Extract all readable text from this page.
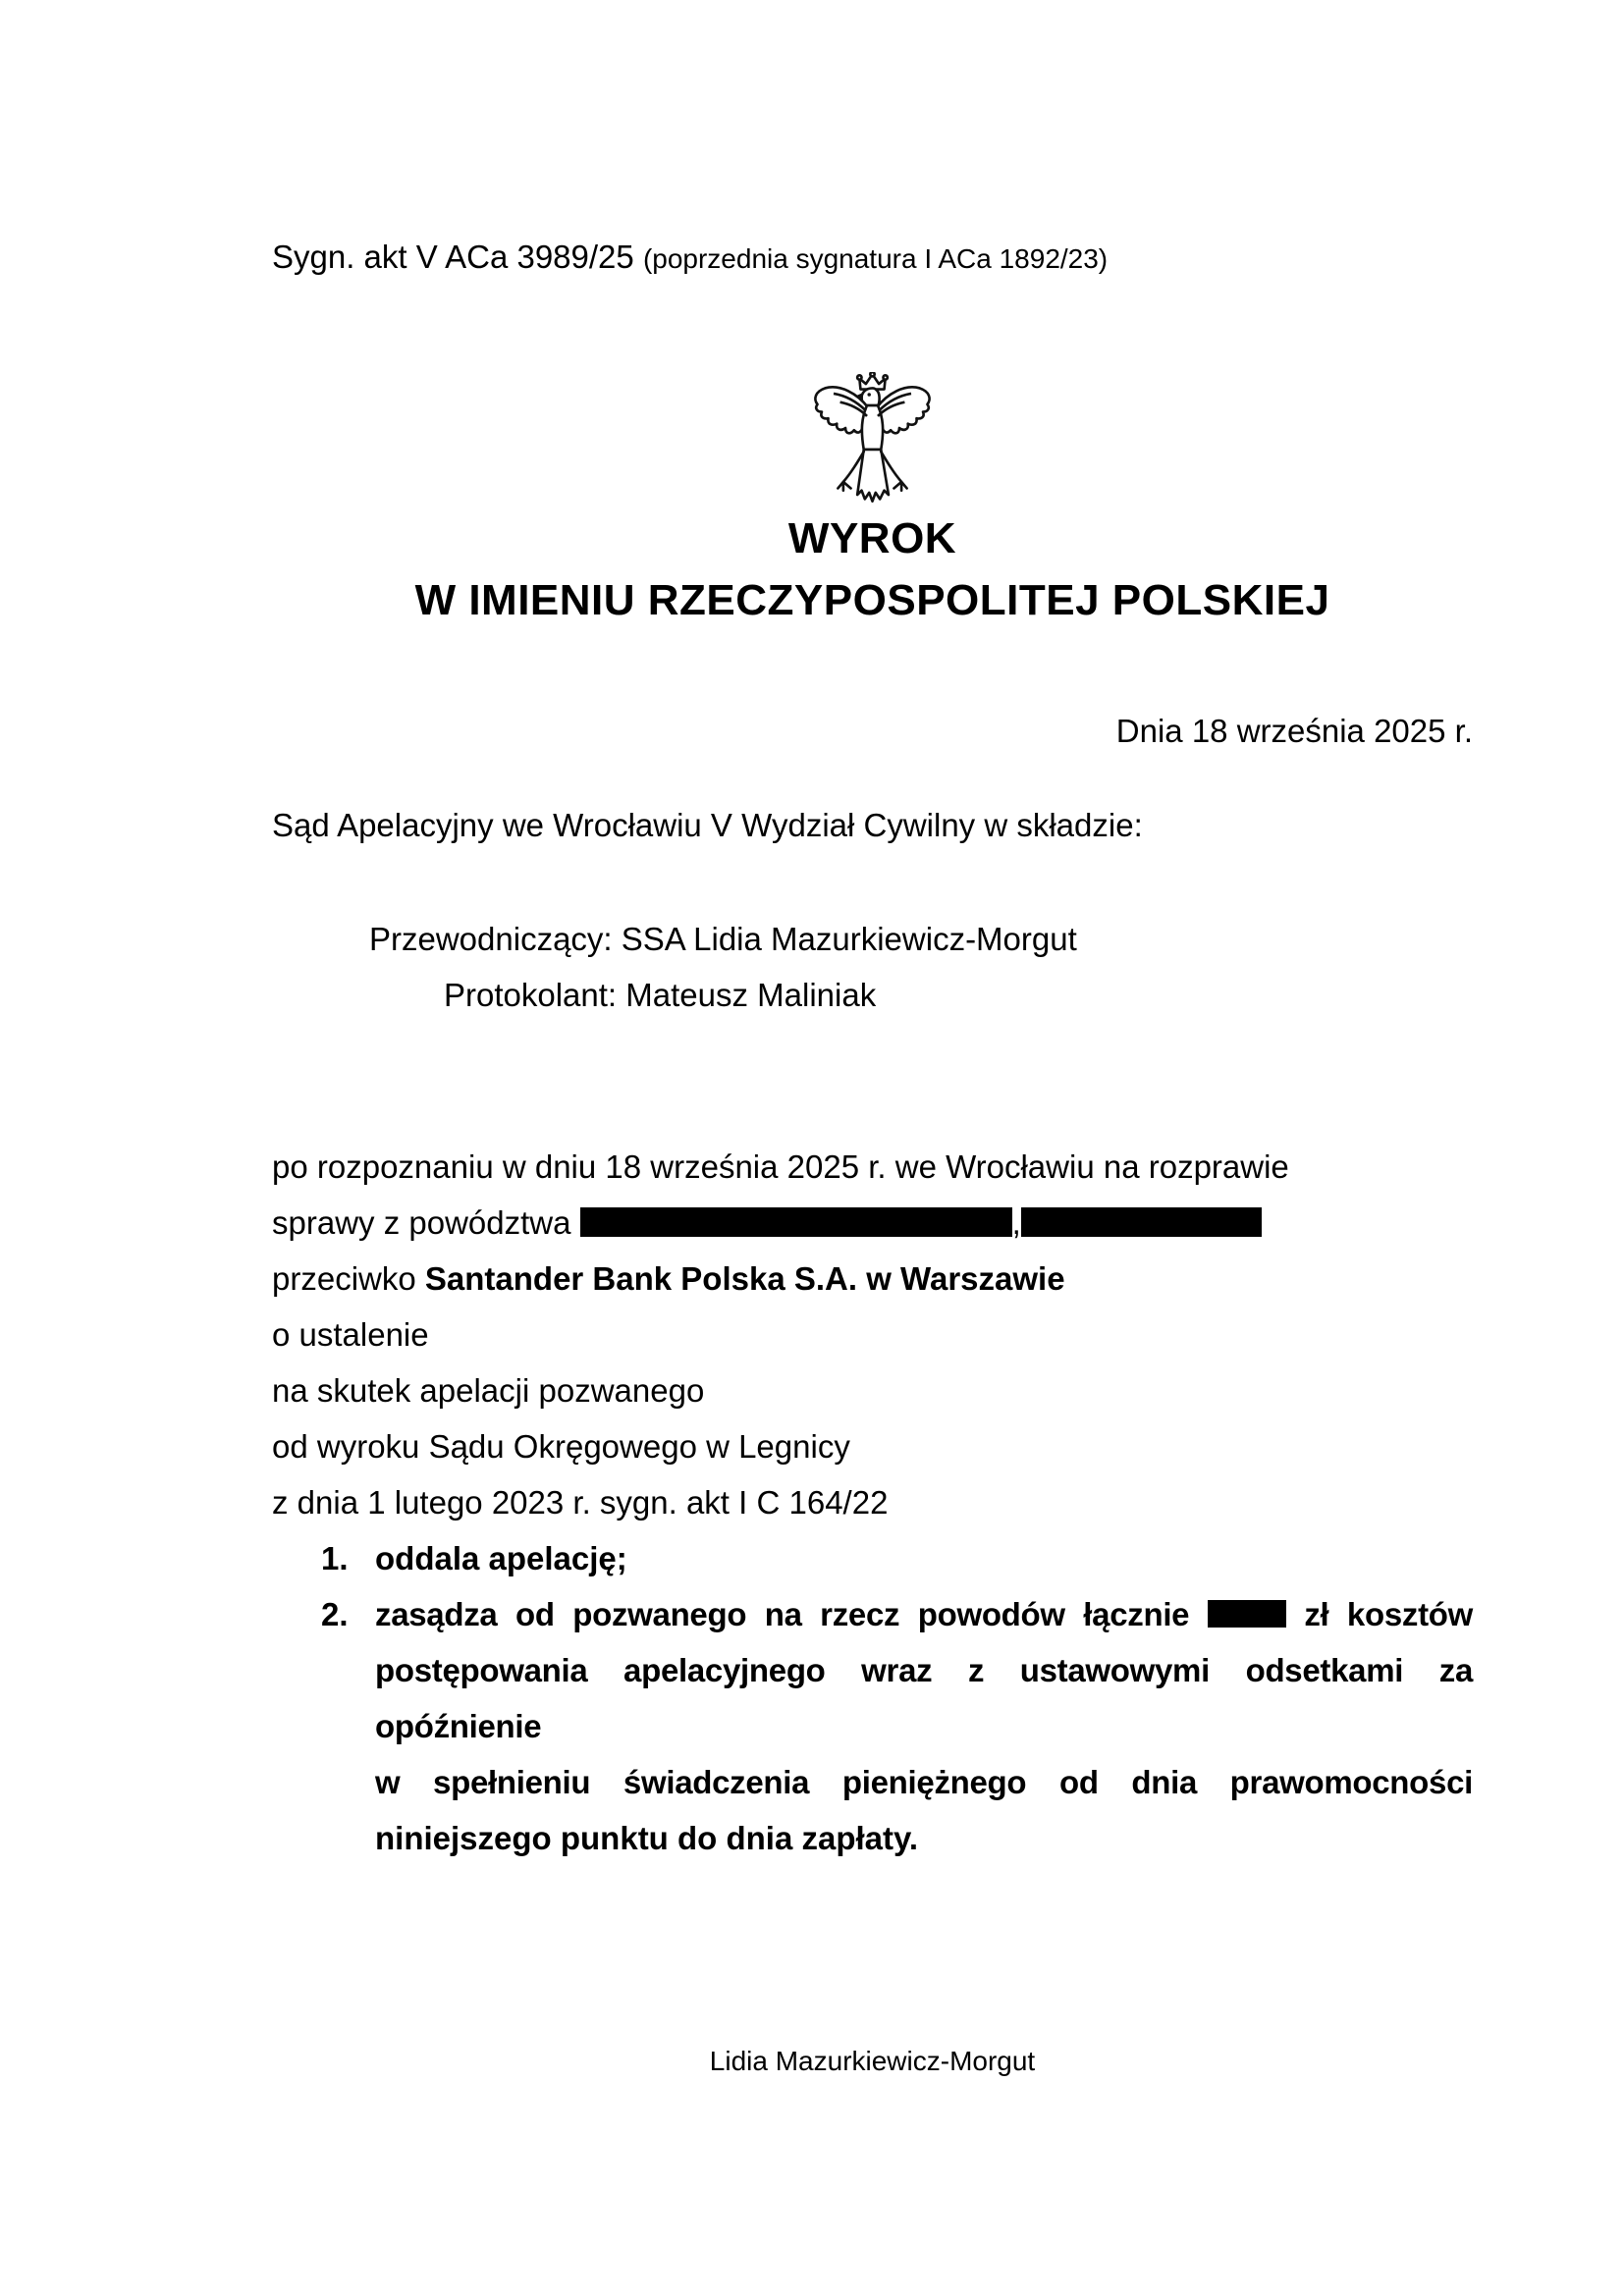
Sygn. akt V ACa 3989/25 (poprzednia sygnatura I ACa 1892/23)
WYROK
W IMIENIU RZECZYPOSPOLITEJ POLSKIEJ
Dnia 18 września 2025 r.
Sąd Apelacyjny we Wrocławiu V Wydział Cywilny w składzie:
Przewodniczący: SSA Lidia Mazurkiewicz-Morgut
Protokolant: Mateusz Maliniak
po rozpoznaniu w dniu 18 września 2025 r. we Wrocławiu na rozprawie
sprawy z powództwa	,
przeciwko Santander Bank Polska S.A. w Warszawie
o ustalenie
na skutek apelacji pozwanego
od wyroku Sądu Okręgowego w Legnicy
z dnia 1 lutego 2023 r. sygn. akt I C 164/22
1. oddala apelację;
2. zasądza od pozwanego na rzecz powodów łącznie	zł kosztów
postępowania apelacyjnego wraz z ustawowymi odsetkami za opóźnienie
w spełnieniu świadczenia pieniężnego od dnia prawomocności
niniejszego punktu do dnia zapłaty.
Lidia Mazurkiewicz-Morgut
